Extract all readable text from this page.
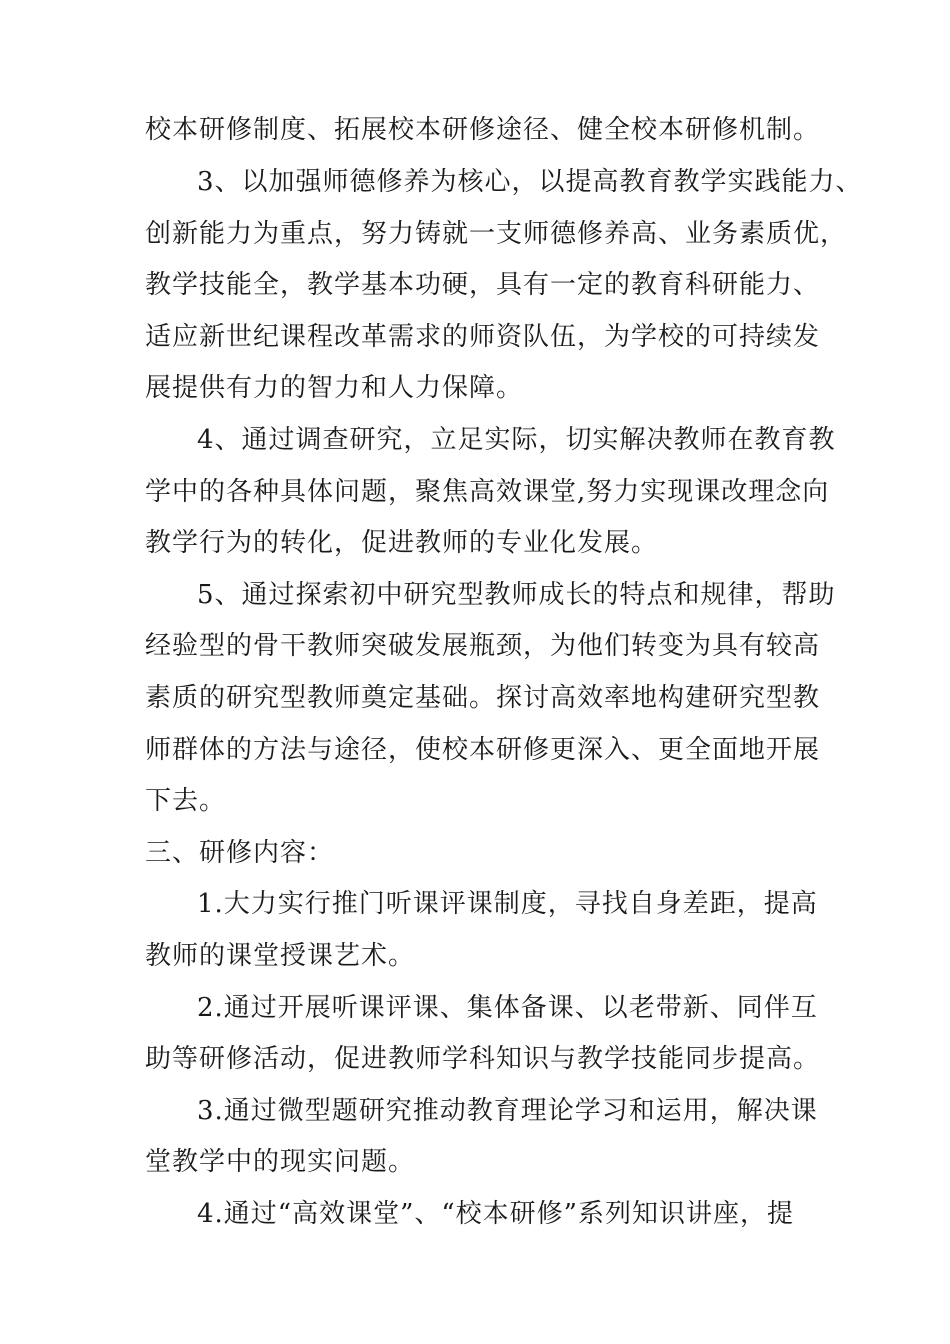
校本研修制度、拓展校本研修途径、健全校本研修机制。
3、以加强师德修养为核心，以提高教育教学实践能力、
创新能力为重点，努力铸就一支师德修养高、业务素质优，
教学技能全，教学基本功硬，具有一定的教育科研能力、
适应新世纪课程改革需求的师资队伍，为学校的可持续发
展提供有力的智力和人力保障。
4、通过调查研究，立足实际，切实解决教师在教育教
学中的各种具体问题，聚焦高效课堂,努力实现课改理念向
教学行为的转化，促进教师的专业化发展。
5、通过探索初中研究型教师成长的特点和规律，帮助
经验型的骨干教师突破发展瓶颈，为他们转变为具有较高
素质的研究型教师奠定基础。探讨高效率地构建研究型教
师群体的方法与途径，使校本研修更深入、更全面地开展
下去。
三、研修内容：
1.大力实行推门听课评课制度，寻找自身差距，提高
教师的课堂授课艺术。
2.通过开展听课评课、集体备课、以老带新、同伴互
助等研修活动，促进教师学科知识与教学技能同步提高。
3.通过微型题研究推动教育理论学习和运用，解决课
堂教学中的现实问题。
4.通过“高效课堂”、“校本研修”系列知识讲座，提
